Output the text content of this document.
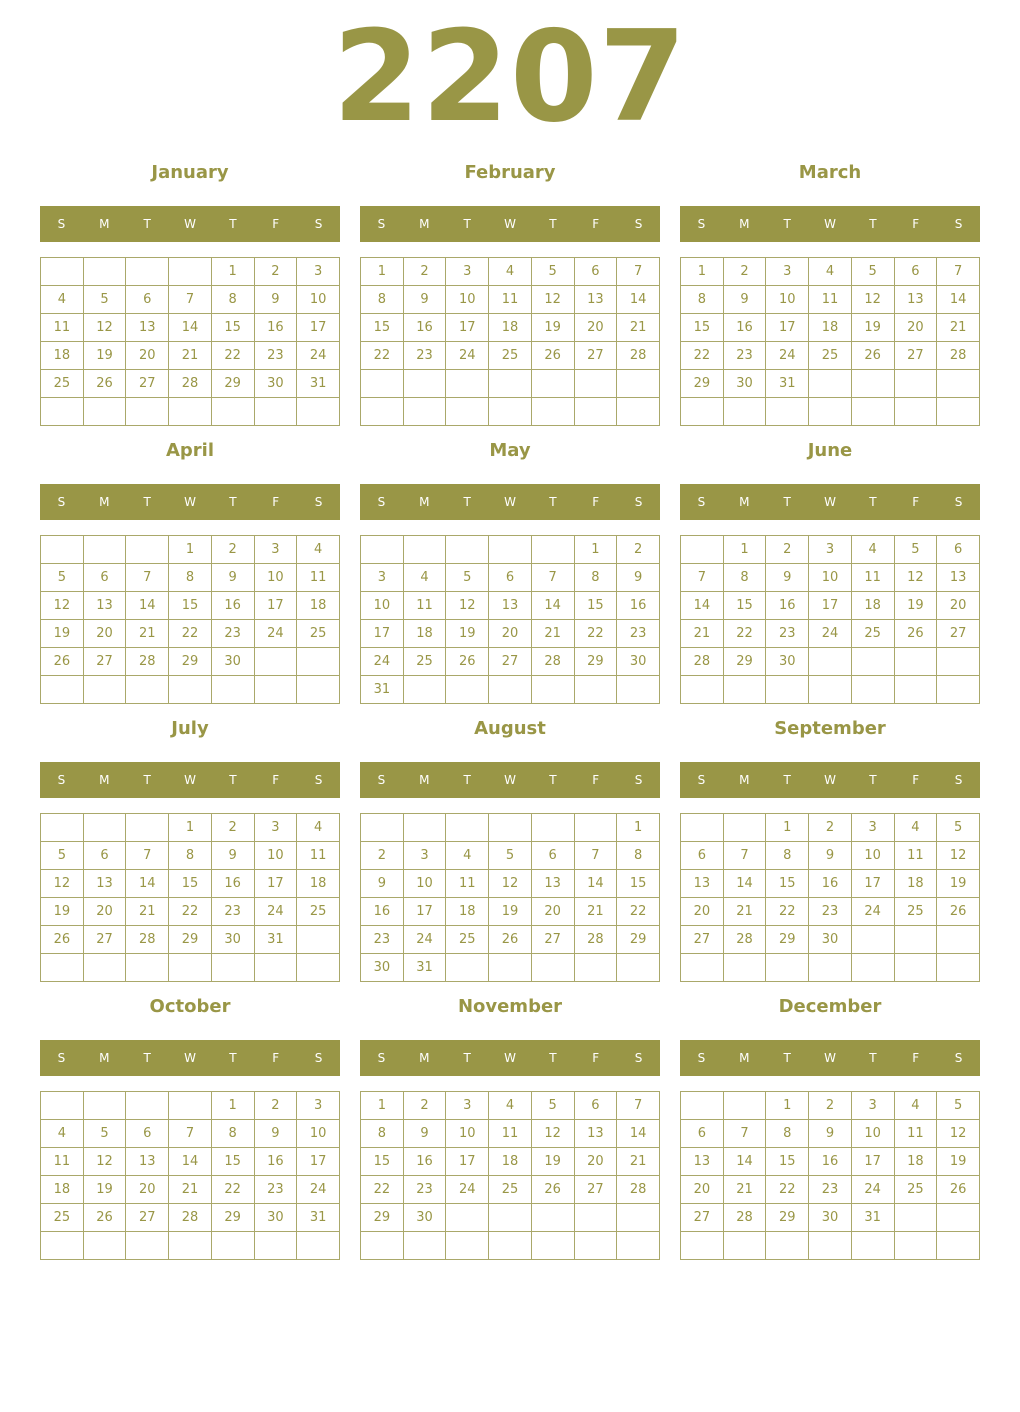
2207
January
S	M	T	W	T	F	S
				1	2	3
4	5	6	7	8	9	10
11	12	13	14	15	16	17
18	19	20	21	22	23	24
25	26	27	28	29	30	31

February
S	M	T	W	T	F	S
1	2	3	4	5	6	7
8	9	10	11	12	13	14
15	16	17	18	19	20	21
22	23	24	25	26	27	28

March
S	M	T	W	T	F	S
1	2	3	4	5	6	7
8	9	10	11	12	13	14
15	16	17	18	19	20	21
22	23	24	25	26	27	28
29	30	31				

April
S	M	T	W	T	F	S
			1	2	3	4
5	6	7	8	9	10	11
12	13	14	15	16	17	18
19	20	21	22	23	24	25
26	27	28	29	30		

May
S	M	T	W	T	F	S
					1	2
3	4	5	6	7	8	9
10	11	12	13	14	15	16
17	18	19	20	21	22	23
24	25	26	27	28	29	30
31						
June
S	M	T	W	T	F	S
	1	2	3	4	5	6
7	8	9	10	11	12	13
14	15	16	17	18	19	20
21	22	23	24	25	26	27
28	29	30				

July
S	M	T	W	T	F	S
			1	2	3	4
5	6	7	8	9	10	11
12	13	14	15	16	17	18
19	20	21	22	23	24	25
26	27	28	29	30	31	

August
S	M	T	W	T	F	S
						1
2	3	4	5	6	7	8
9	10	11	12	13	14	15
16	17	18	19	20	21	22
23	24	25	26	27	28	29
30	31					
September
S	M	T	W	T	F	S
		1	2	3	4	5
6	7	8	9	10	11	12
13	14	15	16	17	18	19
20	21	22	23	24	25	26
27	28	29	30			

October
S	M	T	W	T	F	S
				1	2	3
4	5	6	7	8	9	10
11	12	13	14	15	16	17
18	19	20	21	22	23	24
25	26	27	28	29	30	31

November
S	M	T	W	T	F	S
1	2	3	4	5	6	7
8	9	10	11	12	13	14
15	16	17	18	19	20	21
22	23	24	25	26	27	28
29	30					

December
S	M	T	W	T	F	S
		1	2	3	4	5
6	7	8	9	10	11	12
13	14	15	16	17	18	19
20	21	22	23	24	25	26
27	28	29	30	31		
